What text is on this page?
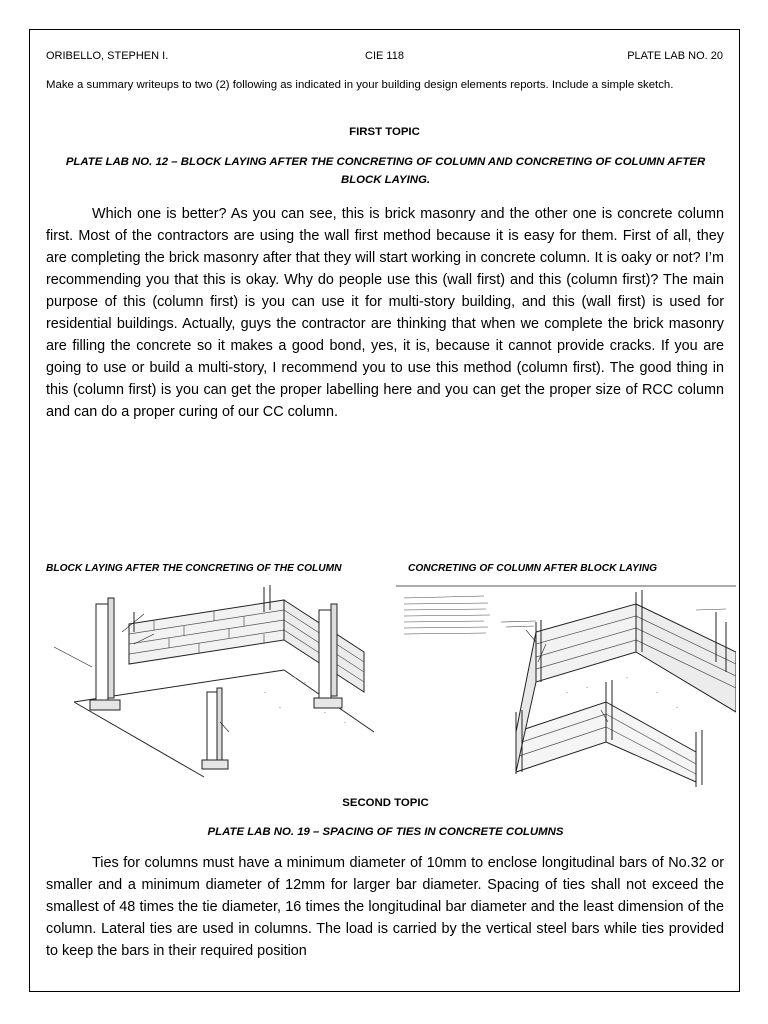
ORIBELLO, STEPHEN I.	CIE 118	PLATE LAB NO. 20
Make a summary writeups to two (2) following as indicated in your building design elements reports. Include a simple sketch.
FIRST TOPIC
PLATE LAB NO. 12 – BLOCK LAYING AFTER THE CONCRETING OF COLUMN AND CONCRETING OF COLUMN AFTER BLOCK LAYING.

Which one is better? As you can see, this is brick masonry and the other one is concrete column first. Most of the contractors are using the wall first method because it is easy for them. First of all, they are completing the brick masonry after that they will start working in concrete column. It is oaky or not? I’m recommending you that this is okay. Why do people use this (wall first) and this (column first)? The main purpose of this (column first) is you can use it for multi-story building, and this (wall first) is used for residential buildings. Actually, guys the contractor are thinking that when we complete the brick masonry are filling the concrete so it makes a good bond, yes, it is, because it cannot provide cracks. If you are going to use or build a multi-story, I recommend you to use this method (column first). The good thing in this (column first) is you can get the proper labelling here and you can get the proper size of RCC column and can do a proper curing of our CC column.

BLOCK LAYING AFTER THE CONCRETING OF THE COLUMN	CONCRETING OF COLUMN AFTER BLOCK LAYING
SECOND TOPIC
PLATE LAB NO. 19 – SPACING OF TIES IN CONCRETE COLUMNS

Ties for columns must have a minimum diameter of 10mm to enclose longitudinal bars of No.32 or smaller and a minimum diameter of 12mm for larger bar diameter. Spacing of ties shall not exceed the smallest of 48 times the tie diameter, 16 times the longitudinal bar diameter and the least dimension of the column. Lateral ties are used in columns. The load is carried by the vertical steel bars while ties provided to keep the bars in their required position
